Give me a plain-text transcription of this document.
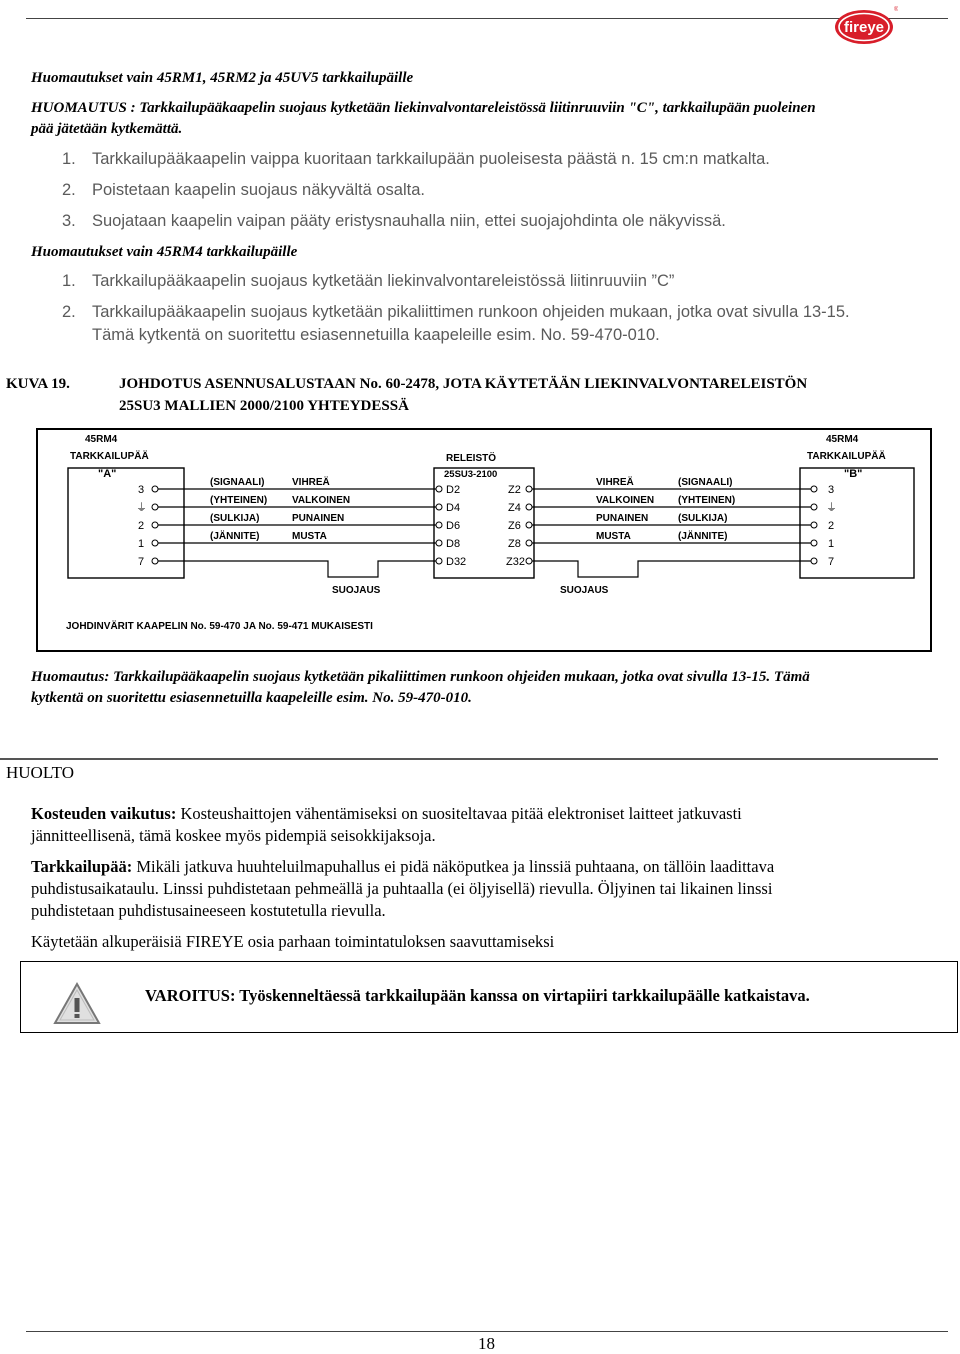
fireye
®
Huomautukset vain 45RM1, 45RM2 ja 45UV5 tarkkailupäille
HUOMAUTUS : Tarkkailupääkaapelin suojaus kytketään liekinvalvontareleistössä liitinruuviin "C", tarkkailupään puoleinen
pää jätetään kytkemättä.
1. Tarkkailupääkaapelin vaippa kuoritaan tarkkailupään puoleisesta päästä n. 15 cm:n matkalta.
2. Poistetaan kaapelin suojaus näkyvältä osalta.
3. Suojataan kaapelin vaipan pääty eristysnauhalla niin, ettei suojajohdinta ole näkyvissä.
Huomautukset vain 45RM4 tarkkailupäille
1. Tarkkailupääkaapelin suojaus kytketään liekinvalvontareleistössä liitinruuviin ”C”
2. Tarkkailupääkaapelin suojaus kytketään pikaliittimen runkoon ohjeiden mukaan, jotka ovat sivulla 13-15.
Tämä kytkentä on suoritettu esiasennetuilla kaapeleille esim. No. 59-470-010.
KUVA 19.	JOHDOTUS ASENNUSALUSTAAN No. 60-2478, JOTA KÄYTETÄÄN LIEKINVALVONTARELEISTÖN
25SU3 MALLIEN 2000/2100 YHTEYDESSÄ
45RM4
TARKKAILUPÄÄ
"A"
45RM4
TARKKAILUPÄÄ
"B"
RELEISTÖ
25SU3-2100
3
⏚
2
1
7
3
⏚
2
1
7
D2
D4
D6
D8
D32
Z2
Z4
Z6
Z8
Z32
(SIGNAALI)
(YHTEINEN)
(SULKIJA)
(JÄNNITE)
VIHREÄ
VALKOINEN
PUNAINEN
MUSTA
VIHREÄ
VALKOINEN
PUNAINEN
MUSTA
(SIGNAALI)
(YHTEINEN)
(SULKIJA)
(JÄNNITE)
SUOJAUS	SUOJAUS
JOHDINVÄRIT KAAPELIN No. 59-470 JA No. 59-471 MUKAISESTI
Huomautus: Tarkkailupääkaapelin suojaus kytketään pikaliittimen runkoon ohjeiden mukaan, jotka ovat sivulla 13-15. Tämä
kytkentä on suoritettu esiasennetuilla kaapeleille esim. No. 59-470-010.
HUOLTO
Kosteuden vaikutus: Kosteushaittojen vähentämiseksi on suositeltavaa pitää elektroniset laitteet jatkuvasti
jännitteellisenä, tämä koskee myös pidempiä seisokkijaksoja.
Tarkkailupää: Mikäli jatkuva huuhteluilmapuhallus ei pidä näköputkea ja linssiä puhtaana, on tällöin laadittava
puhdistusaikataulu. Linssi puhdistetaan pehmeällä ja puhtaalla (ei öljyisellä) rievulla. Öljyinen tai likainen linssi
puhdistetaan puhdistusaineeseen kostutetulla rievulla.
Käytetään alkuperäisiä FIREYE osia parhaan toimintatuloksen saavuttamiseksi
VAROITUS: Työskenneltäessä tarkkailupään kanssa on virtapiiri tarkkailupäälle katkaistava.
18
